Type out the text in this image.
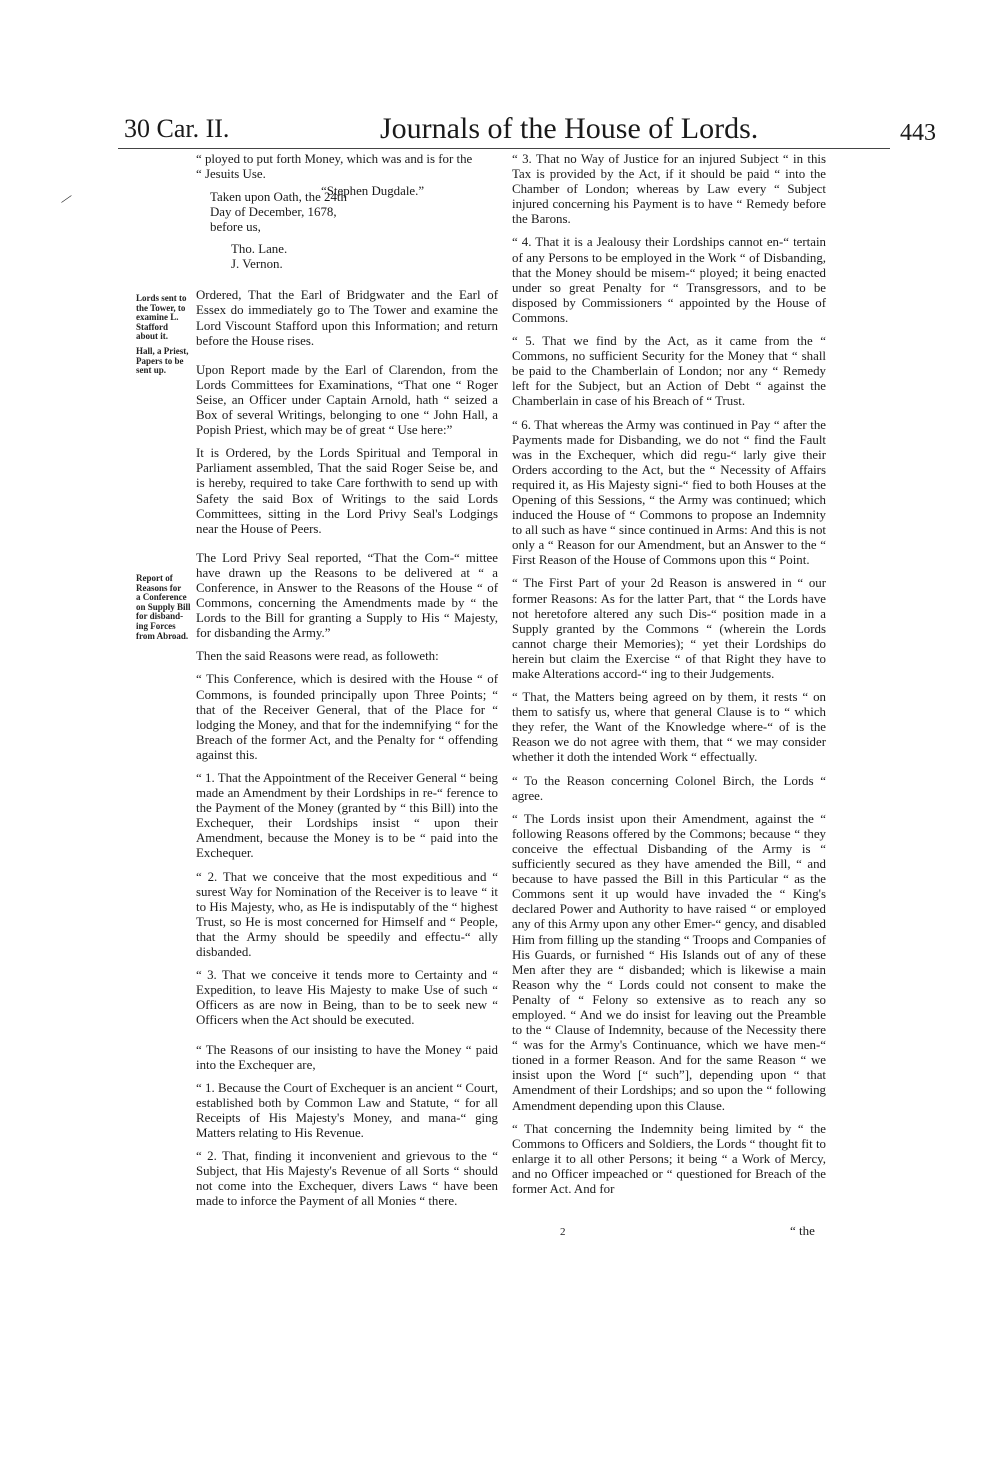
30 Car. II.	Journals of the House of Lords.	443
—
Lords sent to
the Tower, to
examine L.
Stafford
about it.
Hall, a Priest,
Papers to be
sent up.
Report of
Reasons for
a Conference
on Supply Bill
for disband-
ing Forces
from Abroad.

“ ployed to put forth Money, which was and is for the
“ Jesuits Use.

Taken upon Oath, the 24th
Day of December, 1678,
before us,
“Stephen Dugdale.”
Tho. Lane.
J. Vernon.

Ordered, That the Earl of Bridgwater and the Earl of Essex do immediately go to The Tower and examine the Lord Viscount Stafford upon this Information; and return before the House rises.

Upon Report made by the Earl of Clarendon, from the Lords Committees for Examinations, “That one “ Roger Seise, an Officer under Captain Arnold, hath “ seized a Box of several Writings, belonging to one “ John Hall, a Popish Priest, which may be of great “ Use here:”

It is Ordered, by the Lords Spiritual and Temporal in Parliament assembled, That the said Roger Seise be, and is hereby, required to take Care forthwith to send up with Safety the said Box of Writings to the said Lords Committees, sitting in the Lord Privy Seal's Lodgings near the House of Peers.

The Lord Privy Seal reported, “That the Com-“ mittee have drawn up the Reasons to be delivered at “ a Conference, in Answer to the Reasons of the House “ of Commons, concerning the Amendments made by “ the Lords to the Bill for granting a Supply to His “ Majesty, for disbanding the Army.”

Then the said Reasons were read, as followeth:

“ This Conference, which is desired with the House “ of Commons, is founded principally upon Three Points; “ that of the Receiver General, that of the Place for “ lodging the Money, and that for the indemnifying “ for the Breach of the former Act, and the Penalty for “ offending against this.

“ 1. That the Appointment of the Receiver General “ being made an Amendment by their Lordships in re-“ ference to the Payment of the Money (granted by “ this Bill) into the Exchequer, their Lordships insist “ upon their Amendment, because the Money is to be “ paid into the Exchequer.

“ 2. That we conceive that the most expeditious and “ surest Way for Nomination of the Receiver is to leave “ it to His Majesty, who, as He is indisputably of the “ highest Trust, so He is most concerned for Himself and “ People, that the Army should be speedily and effectu-“ ally disbanded.

“ 3. That we conceive it tends more to Certainty and “ Expedition, to leave His Majesty to make Use of such “ Officers as are now in Being, than to be to seek new “ Officers when the Act should be executed.

“ The Reasons of our insisting to have the Money “ paid into the Exchequer are,

“ 1. Because the Court of Exchequer is an ancient “ Court, established both by Common Law and Statute, “ for all Receipts of His Majesty's Money, and mana-“ ging Matters relating to His Revenue.

“ 2. That, finding it inconvenient and grievous to the “ Subject, that His Majesty's Revenue of all Sorts “ should not come into the Exchequer, divers Laws “ have been made to inforce the Payment of all Monies “ there.

“ 3. That no Way of Justice for an injured Subject “ in this Tax is provided by the Act, if it should be paid “ into the Chamber of London; whereas by Law every “ Subject injured concerning his Payment is to have “ Remedy before the Barons.

“ 4. That it is a Jealousy their Lordships cannot en-“ tertain of any Persons to be employed in the Work “ of Disbanding, that the Money should be misem-“ ployed; it being enacted under so great Penalty for “ Transgressors, and to be disposed by Commissioners “ appointed by the House of Commons.

“ 5. That we find by the Act, as it came from the “ Commons, no sufficient Security for the Money that “ shall be paid to the Chamberlain of London; nor any “ Remedy left for the Subject, but an Action of Debt “ against the Chamberlain in case of his Breach of “ Trust.

“ 6. That whereas the Army was continued in Pay “ after the Payments made for Disbanding, we do not “ find the Fault was in the Exchequer, which did regu-“ larly give their Orders according to the Act, but the “ Necessity of Affairs required it, as His Majesty signi-“ fied to both Houses at the Opening of this Sessions, “ the Army was continued; which induced the House of “ Commons to propose an Indemnity to all such as have “ since continued in Arms: And this is not only a “ Reason for our Amendment, but an Answer to the “ First Reason of the House of Commons upon this “ Point.

“ The First Part of your 2d Reason is answered in “ our former Reasons: As for the latter Part, that “ the Lords have not heretofore altered any such Dis-“ position made in a Supply granted by the Commons “ (wherein the Lords cannot charge their Memories); “ yet their Lordships do herein but claim the Exercise “ of that Right they have to make Alterations accord-“ ing to their Judgements.

“ That, the Matters being agreed on by them, it rests “ on them to satisfy us, where that general Clause is to “ which they refer, the Want of the Knowledge where-“ of is the Reason we do not agree with them, that “ we may consider whether it doth the intended Work “ effectually.

“ To the Reason concerning Colonel Birch, the Lords “ agree.

“ The Lords insist upon their Amendment, against the “ following Reasons offered by the Commons; because “ they conceive the effectual Disbanding of the Army is “ sufficiently secured as they have amended the Bill, “ and because to have passed the Bill in this Particular “ as the Commons sent it up would have invaded the “ King's declared Power and Authority to have raised “ or employed any of this Army upon any other Emer-“ gency, and disabled Him from filling up the standing “ Troops and Companies of His Guards, or furnished “ His Islands out of any of these Men after they are “ disbanded; which is likewise a main Reason why the “ Lords could not consent to make the Penalty of “ Felony so extensive as to reach any so employed. “ And we do insist for leaving out the Preamble to the “ Clause of Indemnity, because of the Necessity there “ was for the Army's Continuance, which we have men-“ tioned in a former Reason. And for the same Reason “ we insist upon the Word [“ such”], depending upon “ that Amendment of their Lordships; and so upon the “ following Amendment depending upon this Clause.

“ That concerning the Indemnity being limited by “ the Commons to Officers and Soldiers, the Lords “ thought fit to enlarge it to all other Persons; it being “ a Work of Mercy, and no Officer impeached or “ questioned for Breach of the former Act. And for

2	“ the
